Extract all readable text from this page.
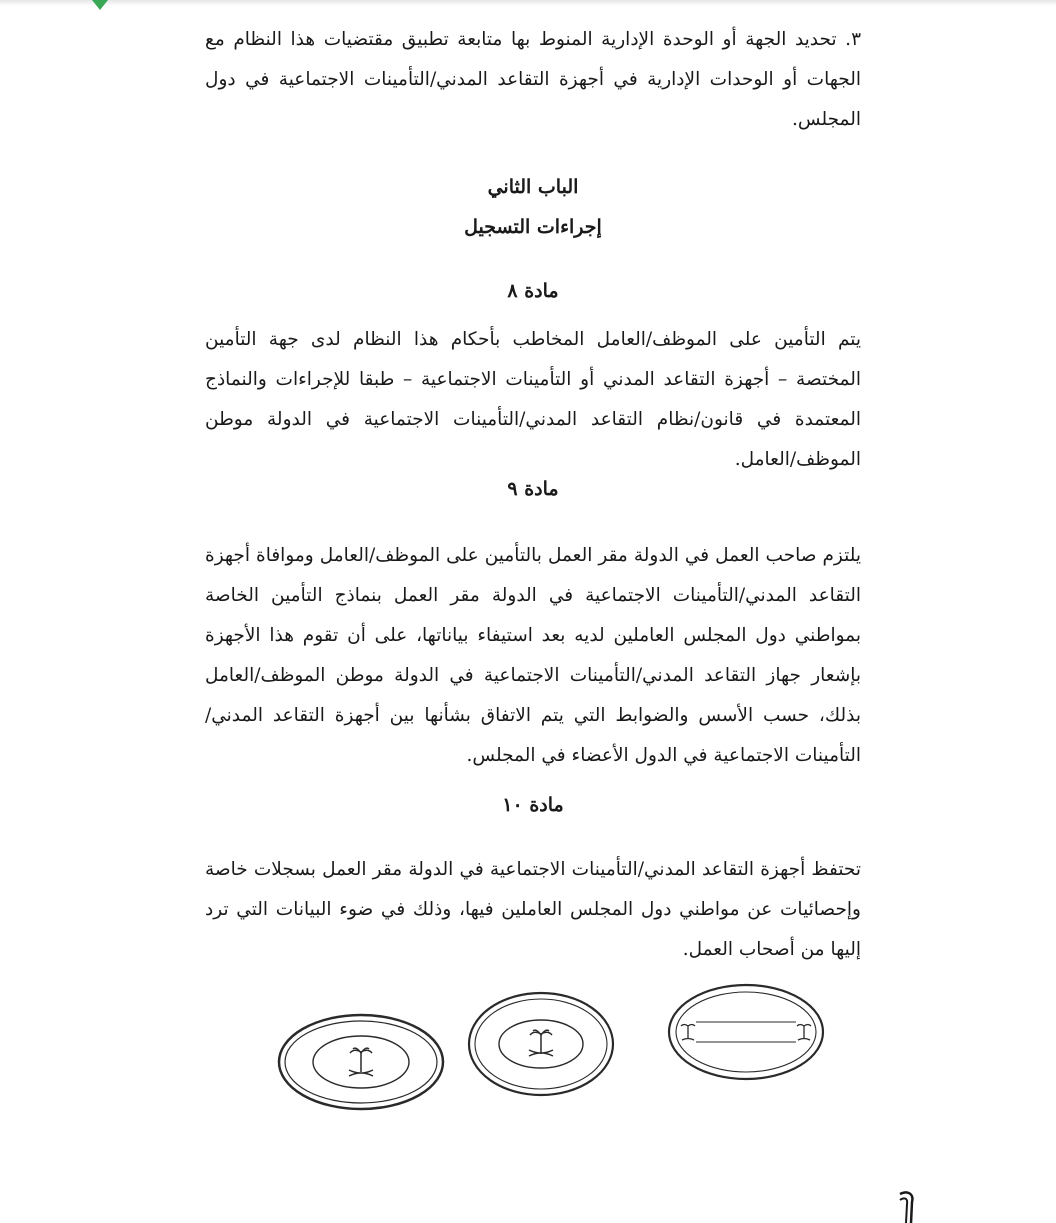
٣. تحديد الجهة أو الوحدة الإدارية المنوط بها متابعة تطبيق مقتضيات هذا النظام مع الجهات أو الوحدات الإدارية في أجهزة التقاعد المدني/التأمينات الاجتماعية في دول المجلس.

الباب الثاني
إجراءات التسجيل
مادة ٨

يتم التأمين على الموظف/العامل المخاطب بأحكام هذا النظام لدى جهة التأمين المختصة – أجهزة التقاعد المدني أو التأمينات الاجتماعية – طبقا للإجراءات والنماذج المعتمدة في قانون/نظام التقاعد المدني/التأمينات الاجتماعية في الدولة موطن الموظف/العامل.

مادة ٩

يلتزم صاحب العمل في الدولة مقر العمل بالتأمين على الموظف/العامل وموافاة أجهزة التقاعد المدني/التأمينات الاجتماعية في الدولة مقر العمل بنماذج التأمين الخاصة بمواطني دول المجلس العاملين لديه بعد استيفاء بياناتها، على أن تقوم هذا الأجهزة بإشعار جهاز التقاعد المدني/التأمينات الاجتماعية في الدولة موطن الموظف/العامل بذلك، حسب الأسس والضوابط التي يتم الاتفاق بشأنها بين أجهزة التقاعد المدني/التأمينات الاجتماعية في الدول الأعضاء في المجلس.

مادة ١٠

تحتفظ أجهزة التقاعد المدني/التأمينات الاجتماعية في الدولة مقر العمل بسجلات خاصة وإحصائيات عن مواطني دول المجلس العاملين فيها، وذلك في ضوء البيانات التي ترد إليها من أصحاب العمل.
